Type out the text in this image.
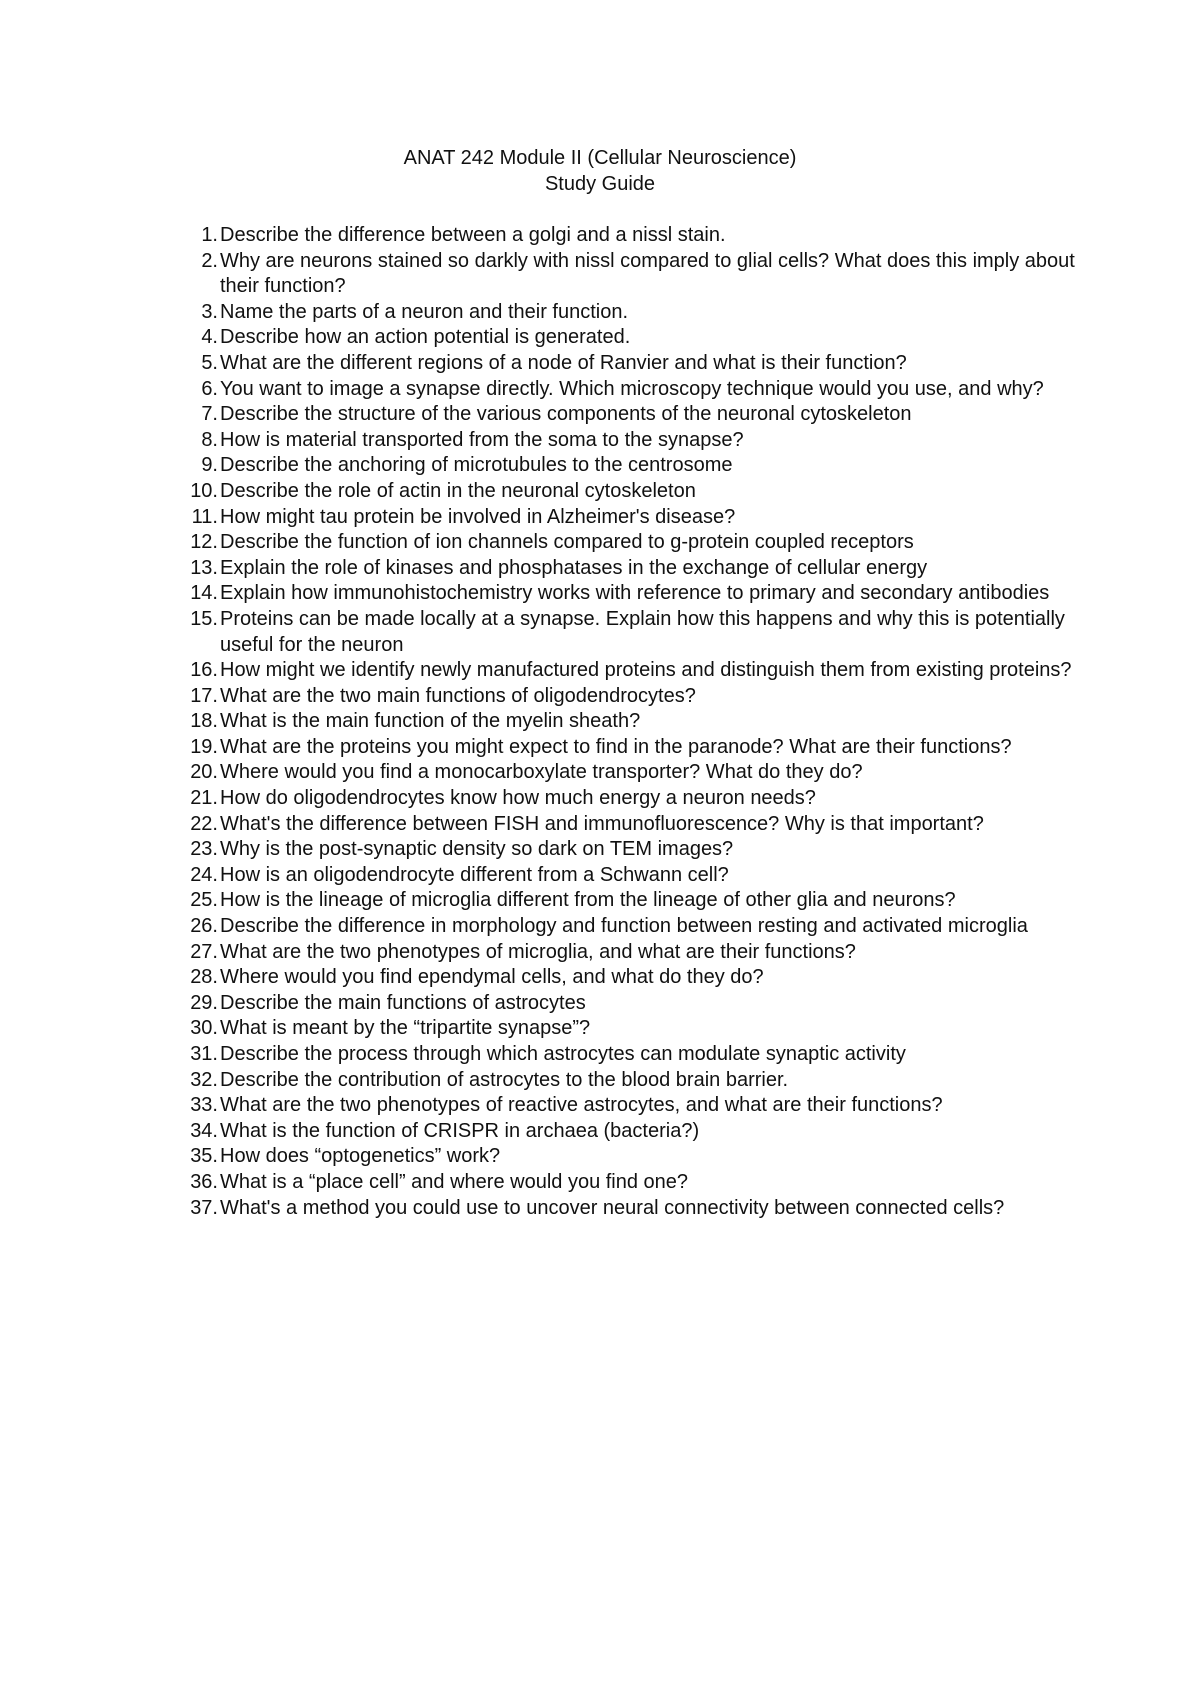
ANAT 242 Module II (Cellular Neuroscience)
Study Guide
1. Describe the difference between a golgi and a nissl stain.
2. Why are neurons stained so darkly with nissl compared to glial cells? What does this imply about their function?
3. Name the parts of a neuron and their function.
4. Describe how an action potential is generated.
5. What are the different regions of a node of Ranvier and what is their function?
6. You want to image a synapse directly. Which microscopy technique would you use, and why?
7. Describe the structure of the various components of the neuronal cytoskeleton
8. How is material transported from the soma to the synapse?
9. Describe the anchoring of microtubules to the centrosome
10. Describe the role of actin in the neuronal cytoskeleton
11. How might tau protein be involved in Alzheimer's disease?
12. Describe the function of ion channels compared to g-protein coupled receptors
13. Explain the role of kinases and phosphatases in the exchange of cellular energy
14. Explain how immunohistochemistry works with reference to primary and secondary antibodies
15. Proteins can be made locally at a synapse. Explain how this happens and why this is potentially useful for the neuron
16. How might we identify newly manufactured proteins and distinguish them from existing proteins?
17. What are the two main functions of oligodendrocytes?
18. What is the main function of the myelin sheath?
19. What are the proteins you might expect to find in the paranode? What are their functions?
20. Where would you find a monocarboxylate transporter? What do they do?
21. How do oligodendrocytes know how much energy a neuron needs?
22. What's the difference between FISH and immunofluorescence? Why is that important?
23. Why is the post-synaptic density so dark on TEM images?
24. How is an oligodendrocyte different from a Schwann cell?
25. How is the lineage of microglia different from the lineage of other glia and neurons?
26. Describe the difference in morphology and function between resting and activated microglia
27. What are the two phenotypes of microglia, and what are their functions?
28. Where would you find ependymal cells, and what do they do?
29. Describe the main functions of astrocytes
30. What is meant by the “tripartite synapse”?
31. Describe the process through which astrocytes can modulate synaptic activity
32. Describe the contribution of astrocytes to the blood brain barrier.
33. What are the two phenotypes of reactive astrocytes, and what are their functions?
34. What is the function of CRISPR in archaea (bacteria?)
35. How does “optogenetics” work?
36. What is a “place cell” and where would you find one?
37. What's a method you could use to uncover neural connectivity between connected cells?
